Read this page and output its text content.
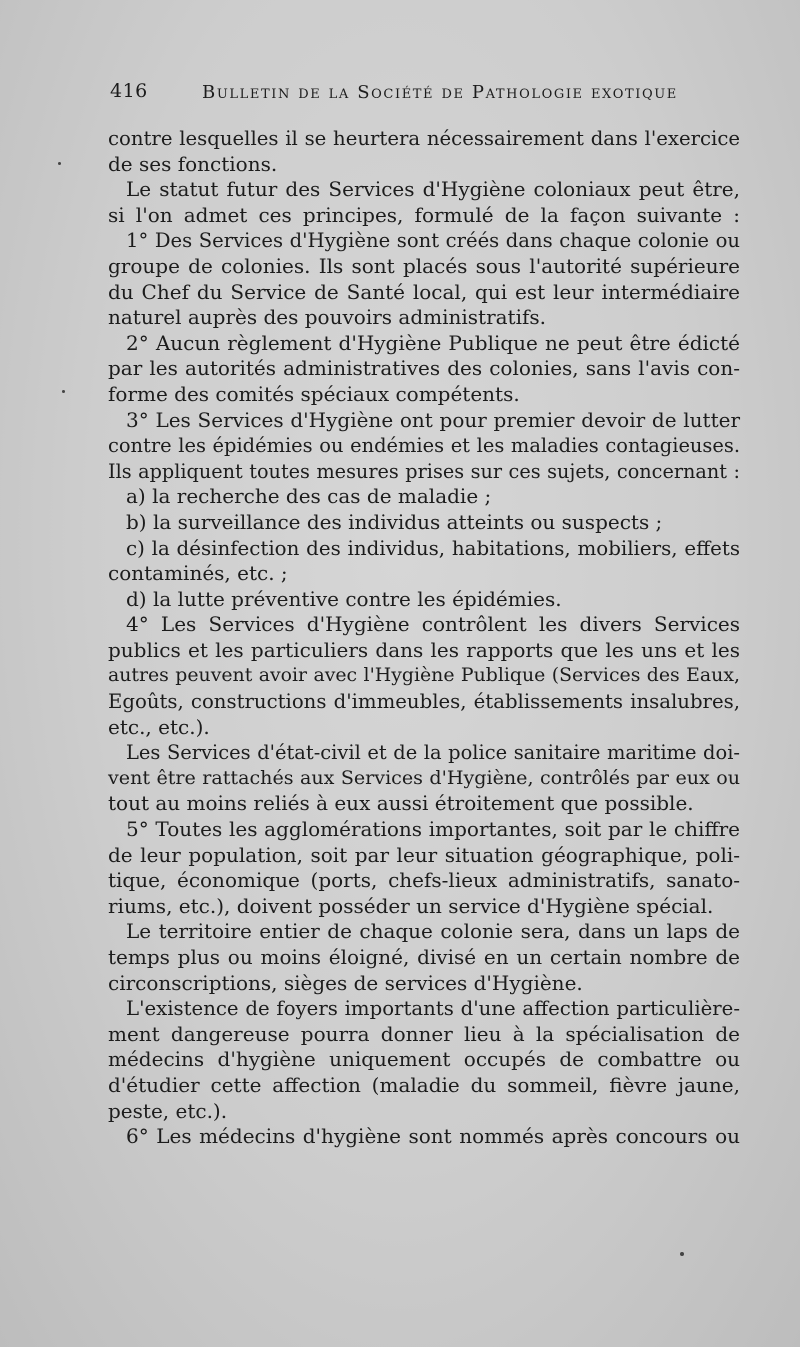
416	Bulletin de la Société de Pathologie exotique
contre lesquelles il se heurtera nécessairement dans l'exercice
de ses fonctions.
Le statut futur des Services d'Hygiène coloniaux peut être,
si l'on admet ces principes, formulé de la façon suivante :
1° Des Services d'Hygiène sont créés dans chaque colonie ou
groupe de colonies. Ils sont placés sous l'autorité supérieure
du Chef du Service de Santé local, qui est leur intermédiaire
naturel auprès des pouvoirs administratifs.
2° Aucun règlement d'Hygiène Publique ne peut être édicté
par les autorités administratives des colonies, sans l'avis con-
forme des comités spéciaux compétents.
3° Les Services d'Hygiène ont pour premier devoir de lutter
contre les épidémies ou endémies et les maladies contagieuses.
Ils appliquent toutes mesures prises sur ces sujets, concernant :
a) la recherche des cas de maladie ;
b) la surveillance des individus atteints ou suspects ;
c) la désinfection des individus, habitations, mobiliers, effets
contaminés, etc. ;
d) la lutte préventive contre les épidémies.
4° Les Services d'Hygiène contrôlent les divers Services
publics et les particuliers dans les rapports que les uns et les
autres peuvent avoir avec l'Hygiène Publique (Services des Eaux,
Egoûts, constructions d'immeubles, établissements insalubres,
etc., etc.).
Les Services d'état-civil et de la police sanitaire maritime doi-
vent être rattachés aux Services d'Hygiène, contrôlés par eux ou
tout au moins reliés à eux aussi étroitement que possible.
5° Toutes les agglomérations importantes, soit par le chiffre
de leur population, soit par leur situation géographique, poli-
tique, économique (ports, chefs-lieux administratifs, sanato-
riums, etc.), doivent posséder un service d'Hygiène spécial.
Le territoire entier de chaque colonie sera, dans un laps de
temps plus ou moins éloigné, divisé en un certain nombre de
circonscriptions, sièges de services d'Hygiène.
L'existence de foyers importants d'une affection particulière-
ment dangereuse pourra donner lieu à la spécialisation de
médecins d'hygiène uniquement occupés de combattre ou
d'étudier cette affection (maladie du sommeil, fièvre jaune,
peste, etc.).
6° Les médecins d'hygiène sont nommés après concours ou
